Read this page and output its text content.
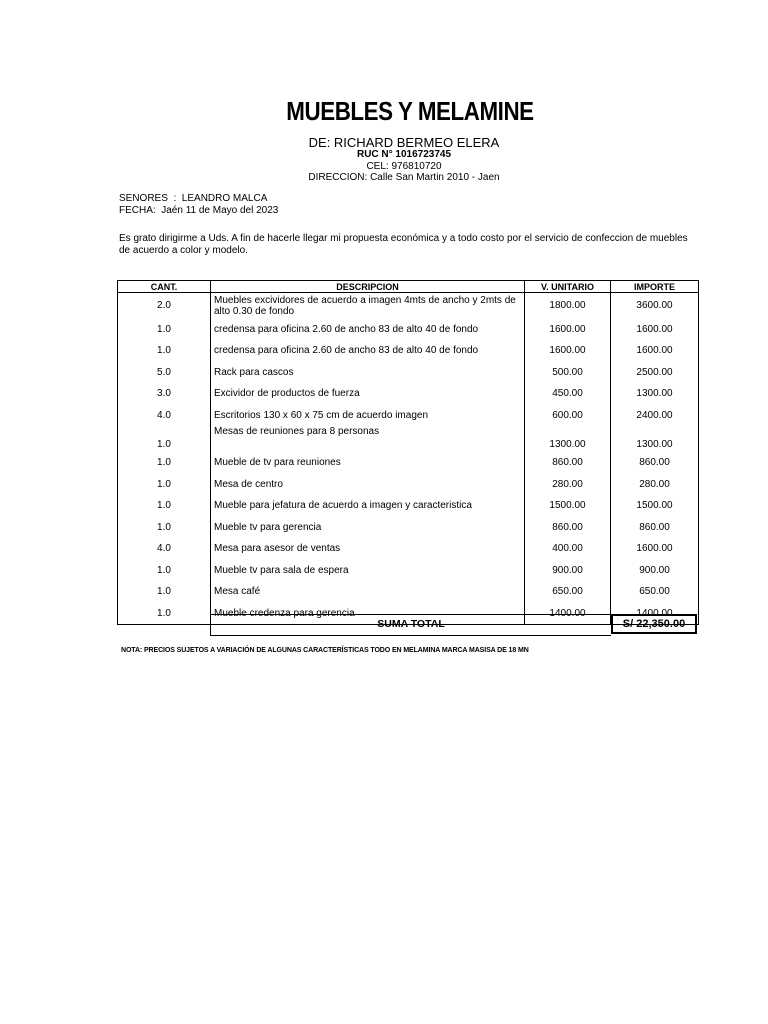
MUEBLES Y MELAMINE
DE: RICHARD BERMEO ELERA
RUC N° 1016723745
CEL: 976810720
DIRECCION: Calle San Martin 2010 - Jaen
SENORES  :  LEANDRO MALCA
FECHA:  Jaén 11 de Mayo del 2023
Es grato dirigirme a Uds. A fin de hacerle llegar mi propuesta económica y a todo costo por el servicio de confeccion de muebles de acuerdo a color y modelo.
CANT.	DESCRIPCION	V. UNITARIO	IMPORTE
2.0	Muebles excividores de acuerdo a imagen 4mts de ancho y 2mts de alto 0.30 de fondo	1800.00	3600.00
1.0	credensa para oficina 2.60 de ancho 83 de alto 40 de fondo	1600.00	1600.00
1.0	credensa para oficina 2.60 de ancho 83 de alto 40 de fondo	1600.00	1600.00
5.0	Rack para cascos	500.00	2500.00
3.0	Excividor de productos de fuerza	450.00	1300.00
4.0	Escritorios 130 x 60 x 75 cm de acuerdo imagen	600.00	2400.00
1.0	Mesas de reuniones para 8 personas	1300.00	1300.00
1.0	Mueble de tv para reuniones	860.00	860.00
1.0	Mesa de centro	280.00	280.00
1.0	Mueble para jefatura de acuerdo a imagen y caracteristica	1500.00	1500.00
1.0	Mueble tv para gerencia	860.00	860.00
4.0	Mesa para asesor de ventas	400.00	1600.00
1.0	Mueble tv para sala de espera	900.00	900.00
1.0	Mesa café	650.00	650.00
1.0	Mueble credenza para gerencia	1400.00	1400.00
SUMA TOTAL	S/ 22,350.00
NOTA: PRECIOS SUJETOS A VARIACIÓN DE ALGUNAS CARACTERÍSTICAS TODO EN MELAMINA MARCA MASISA DE 18 MN
